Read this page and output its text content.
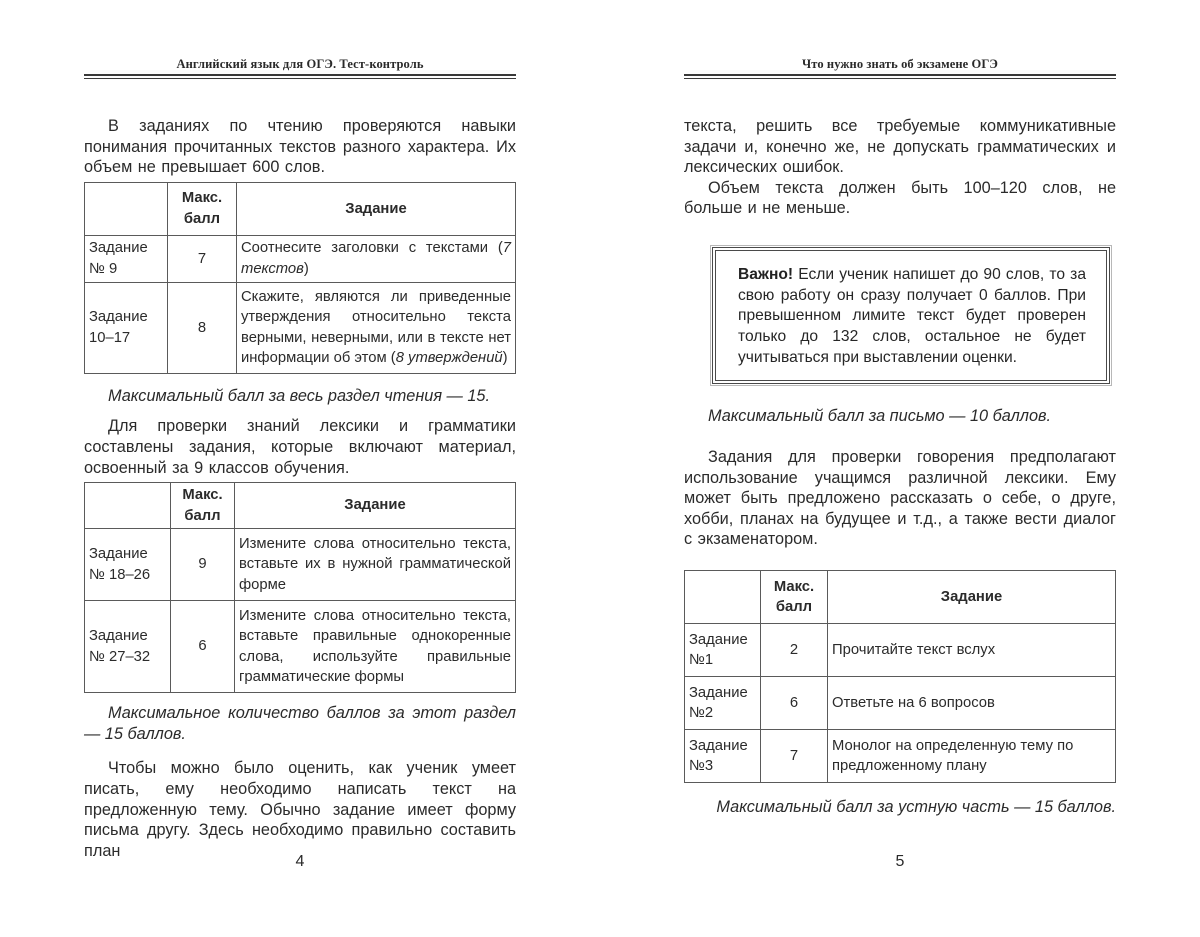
Английский язык для ОГЭ. Тест-контроль

В заданиях по чтению проверяются навыки понимания прочитанных текстов разного характера. Их объем не превышает 600 слов.

	Макс. балл	Задание
Задание № 9	7	Соотнесите заголовки с текстами (7 текстов)
Задание 10–17	8	Скажите, являются ли приведенные утверждения относительно текста верными, неверными, или в тексте нет информации об этом (8 утверждений)

Максимальный балл за весь раздел чтения — 15.

Для проверки знаний лексики и грамматики составлены задания, которые включают материал, освоенный за 9 классов обучения.

	Макс. балл	Задание
Задание № 18–26	9	Измените слова относительно текста, вставьте их в нужной грамматической форме
Задание № 27–32	6	Измените слова относительно текста, вставьте правильные однокоренные слова, используйте правильные грамматические формы

Максимальное количество баллов за этот раздел — 15 баллов.

Чтобы можно было оценить, как ученик умеет писать, ему необходимо написать текст на предложенную тему. Обычно задание имеет форму письма другу. Здесь необходимо правильно составить план

4
Что нужно знать об экзамене ОГЭ

текста, решить все требуемые коммуникативные задачи и, конечно же, не допускать грамматических и лексических ошибок.

Объем текста должен быть 100–120 слов, не больше и не меньше.

Важно! Если ученик напишет до 90 слов, то за свою работу он сразу получает 0 баллов. При превышенном лимите текст будет проверен только до 132 слов, остальное не будет учитываться при выставлении оценки.

Максимальный балл за письмо — 10 баллов.

Задания для проверки говорения предполагают использование учащимся различной лексики. Ему может быть предложено рассказать о себе, о друге, хобби, планах на будущее и т.д., а также вести диалог с экзаменатором.

	Макс. балл	Задание
Задание №1	2	Прочитайте текст вслух
Задание №2	6	Ответьте на 6 вопросов
Задание №3	7	Монолог на определенную тему по предложенному плану

Максимальный балл за устную часть — 15 баллов.

5
